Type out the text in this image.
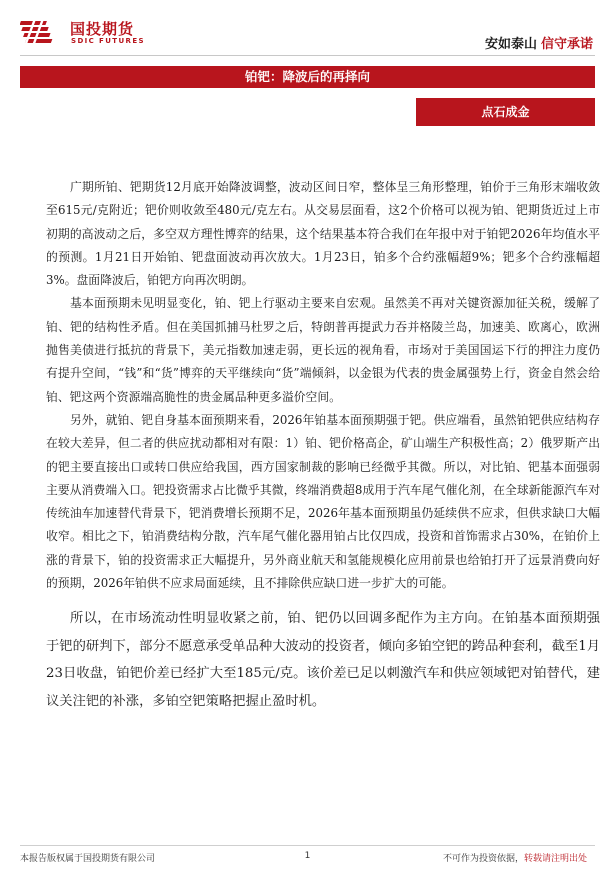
国投期货
SDIC FUTURES	安如泰山 信守承诺
铂钯：降波后的再择向
点石成金

广期所铂、钯期货12月底开始降波调整，波动区间日窄，整体呈三角形整理，铂价于三角形末端收敛至615元/克附近；钯价则收敛至480元/克左右。从交易层面看，这2个价格可以视为铂、钯期货近过上市初期的高波动之后，多空双方理性博弈的结果，这个结果基本符合我们在年报中对于铂钯2026年均值水平的预测。1月21日开始铂、钯盘面波动再次放大。1月23日，铂多个合约涨幅超9%；钯多个合约涨幅超3%。盘面降波后，铂钯方向再次明朗。

基本面预期未见明显变化，铂、钯上行驱动主要来自宏观。虽然美不再对关键资源加征关税，缓解了铂、钯的结构性矛盾。但在美国抓捕马杜罗之后，特朗普再提武力吞并格陵兰岛，加速美、欧离心，欧洲抛售美债进行抵抗的背景下，美元指数加速走弱，更长远的视角看，市场对于美国国运下行的押注力度仍有提升空间，“钱”和“货”博弈的天平继续向“货”端倾斜，以金银为代表的贵金属强势上行，资金自然会给铂、钯这两个资源端高脆性的贵金属品种更多溢价空间。

另外，就铂、钯自身基本面预期来看，2026年铂基本面预期强于钯。供应端看，虽然铂钯供应结构存在较大差异，但二者的供应扰动都相对有限：1）铂、钯价格高企，矿山端生产积极性高；2）俄罗斯产出的钯主要直接出口或转口供应给我国，西方国家制裁的影响已经微乎其微。所以，对比铂、钯基本面强弱主要从消费端入口。钯投资需求占比微乎其微，终端消费超8成用于汽车尾气催化剂，在全球新能源汽车对传统油车加速替代背景下，钯消费增长预期不足，2026年基本面预期虽仍延续供不应求，但供求缺口大幅收窄。相比之下，铂消费结构分散，汽车尾气催化器用铂占比仅四成，投资和首饰需求占30%，在铂价上涨的背景下，铂的投资需求正大幅提升，另外商业航天和氢能规模化应用前景也给铂打开了远景消费向好的预期，2026年铂供不应求局面延续，且不排除供应缺口进一步扩大的可能。

所以，在市场流动性明显收紧之前，铂、钯仍以回调多配作为主方向。在铂基本面预期强于钯的研判下，部分不愿意承受单品种大波动的投资者，倾向多铂空钯的跨品种套利，截至1月23日收盘，铂钯价差已经扩大至185元/克。该价差已足以刺激汽车和供应领域钯对铂替代，建议关注钯的补涨，多铂空钯策略把握止盈时机。

本报告版权属于国投期货有限公司	1	不可作为投资依据，转载请注明出处
